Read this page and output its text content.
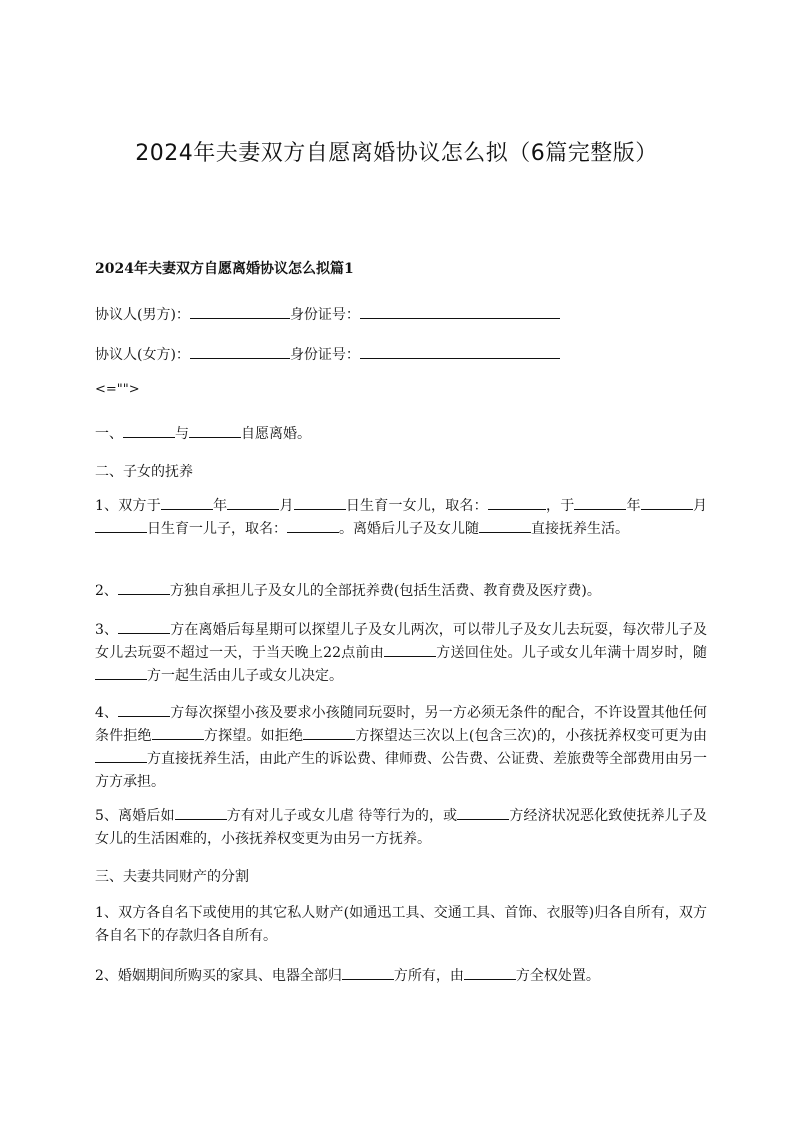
2024年夫妻双方自愿离婚协议怎么拟（6篇完整版）
2024年夫妻双方自愿离婚协议怎么拟篇1
协议人(男方)：	身份证号：
协议人(女方)：	身份证号：
<="">
一、	与	自愿离婚。
二、子女的抚养

1、双方于	年	月	日生育一女儿，取名：	，于	年	月日生育一儿子，取名：	。离婚后儿子及女儿随	直接抚养生活。

2、	方独自承担儿子及女儿的全部抚养费(包括生活费、教育费及医疗费)。

3、	方在离婚后每星期可以探望儿子及女儿两次，可以带儿子及女儿去玩耍，每次带儿子及女儿去玩耍不超过一天，于当天晚上22点前由	方送回住处。儿子或女儿年满十周岁时，随方一起生活由儿子或女儿决定。

4、	方每次探望小孩及要求小孩随同玩耍时，另一方必须无条件的配合，不许设置其他任何条件拒绝	方探望。如拒绝	方探望达三次以上(包含三次)的，小孩抚养权变可更为由方直接抚养生活，由此产生的诉讼费、律师费、公告费、公证费、差旅费等全部费用由另一方方承担。

5、离婚后如	方有对儿子或女儿虐 待等行为的，或	方经济状况恶化致使抚养儿子及女儿的生活困难的，小孩抚养权变更为由另一方抚养。

三、夫妻共同财产的分割

1、双方各自名下或使用的其它私人财产(如通迅工具、交通工具、首饰、衣服等)归各自所有，双方各自名下的存款归各自所有。

2、婚姻期间所购买的家具、电器全部归	方所有，由	方全权处置。
